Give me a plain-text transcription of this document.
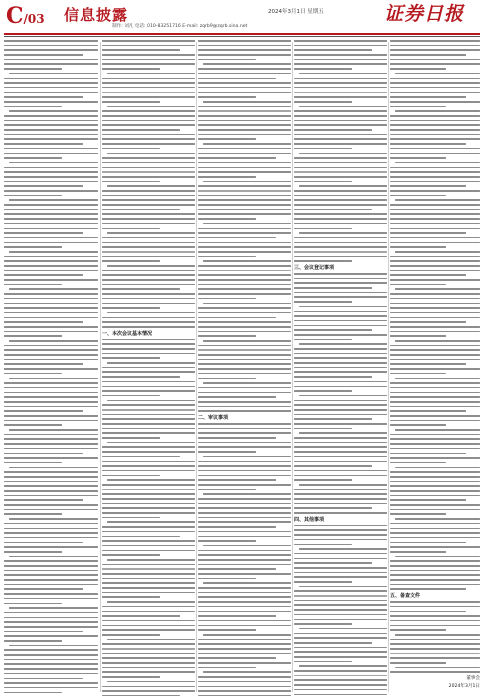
C/03 信息披露
制作: 刘凡 电话: 010-83251716 E-mail: zqrb9@zqrb.sina.net
2024年3月1日 星期五	证券日报
一、本次会议基本情况
二、审议事项
三、会议登记事项
四、其他事项
五、备查文件
董事会
2024年3月1日
